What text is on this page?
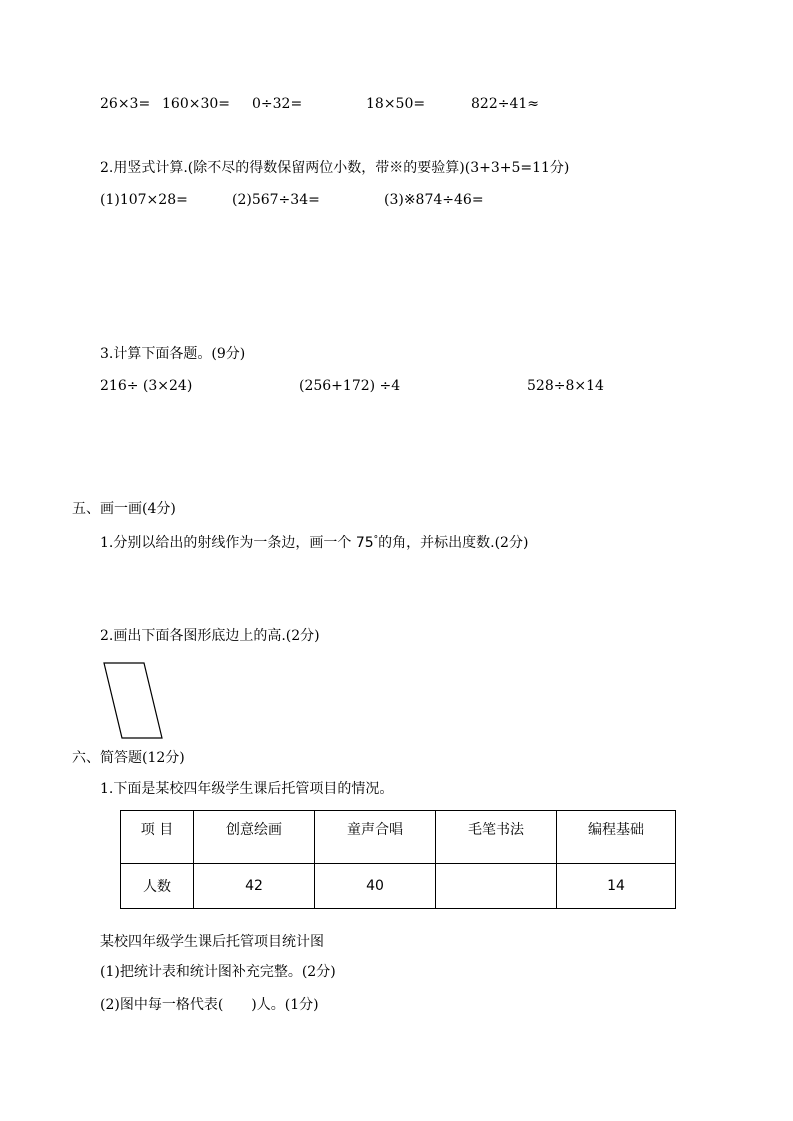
26×3= 160×30= 0÷32=	18×50=	822÷41≈
2.用竖式计算.(除不尽的得数保留两位小数，带※的要验算)(3+3+5=11分)
(1)107×28=	(2)567÷34=	(3)※874÷46=
3.计算下面各题。(9分)
216÷ (3×24)	(256+172) ÷4	528÷8×14
五、画一画(4分)
1.分别以给出的射线作为一条边，画一个 75°的角，并标出度数.(2分)
2.画出下面各图形底边上的高.(2分)
六、简答题(12分)
1.下面是某校四年级学生课后托管项目的情况。
项 目	创意绘画	童声合唱	毛笔书法	编程基础
人数	42	40		14
某校四年级学生课后托管项目统计图
(1)把统计表和统计图补充完整。(2分)
(2)图中每一格代表(　　)人。(1分)
